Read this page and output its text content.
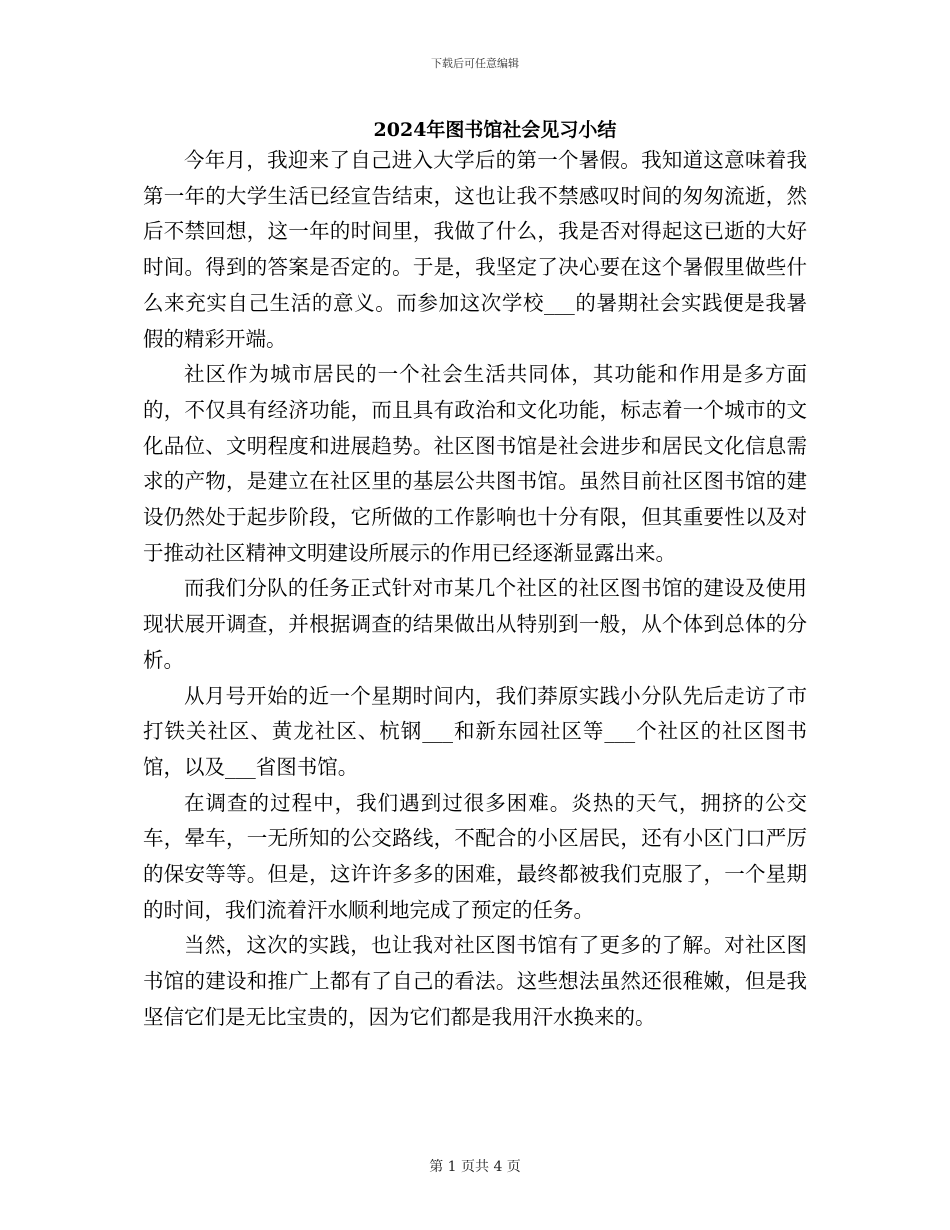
下载后可任意编辑
2024年图书馆社会见习小结

今年月，我迎来了自己进入大学后的第一个暑假。我知道这意味着我第一年的大学生活已经宣告结束，这也让我不禁感叹时间的匆匆流逝，然后不禁回想，这一年的时间里，我做了什么，我是否对得起这已逝的大好时间。得到的答案是否定的。于是，我坚定了决心要在这个暑假里做些什么来充实自己生活的意义。而参加这次学校___的暑期社会实践便是我暑假的精彩开端。

社区作为城市居民的一个社会生活共同体，其功能和作用是多方面的，不仅具有经济功能，而且具有政治和文化功能，标志着一个城市的文化品位、文明程度和进展趋势。社区图书馆是社会进步和居民文化信息需求的产物，是建立在社区里的基层公共图书馆。虽然目前社区图书馆的建设仍然处于起步阶段，它所做的工作影响也十分有限，但其重要性以及对于推动社区精神文明建设所展示的作用已经逐渐显露出来。

而我们分队的任务正式针对市某几个社区的社区图书馆的建设及使用现状展开调查，并根据调查的结果做出从特别到一般，从个体到总体的分析。

从月号开始的近一个星期时间内，我们莽原实践小分队先后走访了市打铁关社区、黄龙社区、杭钢___和新东园社区等___个社区的社区图书馆，以及___省图书馆。

在调查的过程中，我们遇到过很多困难。炎热的天气，拥挤的公交车，晕车，一无所知的公交路线，不配合的小区居民，还有小区门口严厉的保安等等。但是，这许许多多的困难，最终都被我们克服了，一个星期的时间，我们流着汗水顺利地完成了预定的任务。

当然，这次的实践，也让我对社区图书馆有了更多的了解。对社区图书馆的建设和推广上都有了自己的看法。这些想法虽然还很稚嫩，但是我坚信它们是无比宝贵的，因为它们都是我用汗水换来的。

第 1 页共 4 页
